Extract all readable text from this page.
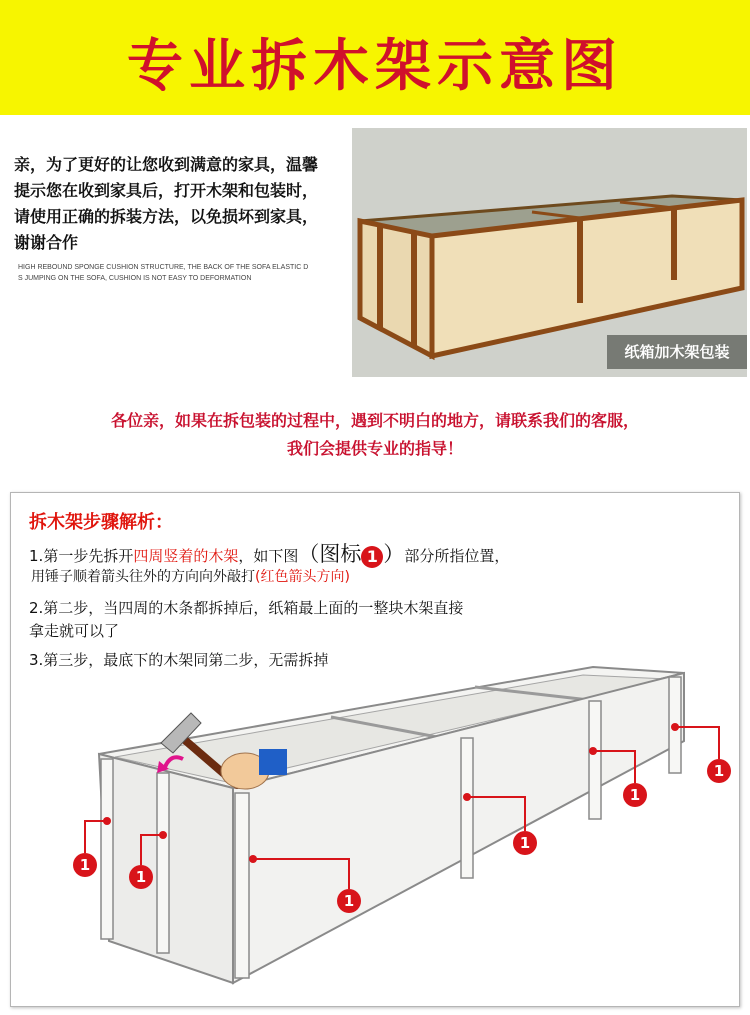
专业拆木架示意图
亲，为了更好的让您收到满意的家具，温馨
提示您在收到家具后，打开木架和包装时，
请使用正确的拆装方法，以免损坏到家具，
谢谢合作
HIGH REBOUND SPONGE CUSHION STRUCTURE, THE BACK OF THE SOFA ELASTIC D
S JUMPING ON THE SOFA, CUSHION IS NOT EASY TO DEFORMATION
纸箱加木架包装
各位亲，如果在拆包装的过程中，遇到不明白的地方，请联系我们的客服，
我们会提供专业的指导！
拆木架步骤解析：
1.第一步先拆开四周竖着的木架，如下图（图标 1 ）部分所指位置，
用锤子顺着箭头往外的方向向外敲打(红色箭头方向)
2.第二步，当四周的木条都拆掉后，纸箱最上面的一整块木架直接
拿走就可以了
3.第三步，最底下的木架同第二步，无需拆掉
1
1
1
1
1
1
